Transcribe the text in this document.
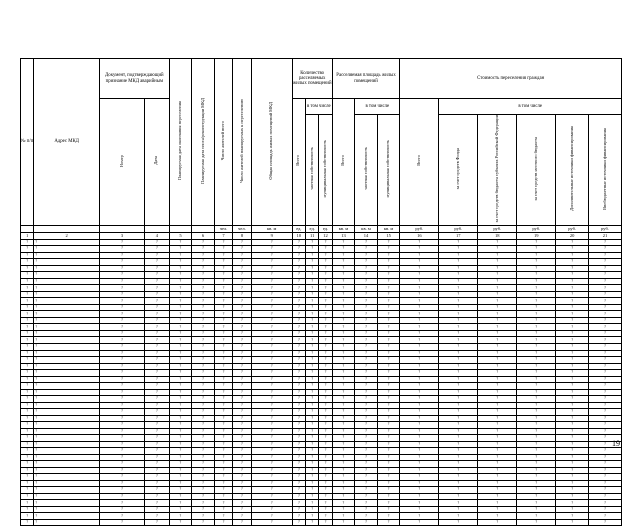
№ п/п	Адрес МКД	Документ, подтверждающий признание МКД аварийным		Планируемая дата окончания переселения	Планируемая дата сноса/реконструкции МКД	Число жителей всего	Число жителей планируемых к переселению	Общая площадь жилых помещений МКД	Количество расселяемых жилых помещений			Расселяемая площадь жилых помещений			Стоимость переселения граждан					
		Номер	Дата						Всего	в том числе		Всего	в том числе		Всего	в том числе				
										частная собственность	муниципальная собственность		частная собственность	муниципальная собственность		за счет средств Фонда	за счет средств бюджета субъекта Российской Федерации	за счет средств местного бюджета	Дополнительные источники финансирования	Внебюджетные источники финансирования
						чел.	чел.	кв. м	ед.	ед.	ед.	кв. м	кв. м	кв. м	руб.	руб.	руб.	руб.	руб.	руб.
1	2	3	4	5	6	7	8	9	10	11	12	13	14	15	16	17	18	19	20	21
?	?	?	?	?	?	?	?	?	?	?	?	?	?	?	?	?	?	?	?	?
?	?	?	?	?	?	?	?	?	?	?	?	?	?	?	?	?	?	?	?	?
?	?	?	?	?	?	?	?	?	?	?	?	?	?	?	?	?	?	?	?	?
?	?	?	?	?	?	?	?	?	?	?	?	?	?	?	?	?	?	?	?	?
?	?	?	?	?	?	?	?	?	?	?	?	?	?	?	?	?	?	?	?	?
?	?	?	?	?	?	?	?	?	?	?	?	?	?	?	?	?	?	?	?	?
?	?	?	?	?	?	?	?	?	?	?	?	?	?	?	?	?	?	?	?	?
?	?	?	?	?	?	?	?	?	?	?	?	?	?	?	?	?	?	?	?	?
?	?	?	?	?	?	?	?	?	?	?	?	?	?	?	?	?	?	?	?	?
?	?	?	?	?	?	?	?	?	?	?	?	?	?	?	?	?	?	?	?	?
?	?	?	?	?	?	?	?	?	?	?	?	?	?	?	?	?	?	?	?	?
?	?	?	?	?	?	?	?	?	?	?	?	?	?	?	?	?	?	?	?	?
?	?	?	?	?	?	?	?	?	?	?	?	?	?	?	?	?	?	?	?	?
?	?	?	?	?	?	?	?	?	?	?	?	?	?	?	?	?	?	?	?	?
?	?	?	?	?	?	?	?	?	?	?	?	?	?	?	?	?	?	?	?	?
?	?	?	?	?	?	?	?	?	?	?	?	?	?	?	?	?	?	?	?	?
?	?	?	?	?	?	?	?	?	?	?	?	?	?	?	?	?	?	?	?	?
?	?	?	?	?	?	?	?	?	?	?	?	?	?	?	?	?	?	?	?	?
?	?	?	?	?	?	?	?	?	?	?	?	?	?	?	?	?	?	?	?	?
?	?	?	?	?	?	?	?	?	?	?	?	?	?	?	?	?	?	?	?	?
?	?	?	?	?	?	?	?	?	?	?	?	?	?	?	?	?	?	?	?	?
?	?	?	?	?	?	?	?	?	?	?	?	?	?	?	?	?	?	?	?	?
?	?	?	?	?	?	?	?	?	?	?	?	?	?	?	?	?	?	?	?	?
?	?	?	?	?	?	?	?	?	?	?	?	?	?	?	?	?	?	?	?	?
?	?	?	?	?	?	?	?	?	?	?	?	?	?	?	?	?	?	?	?	?
?	?	?	?	?	?	?	?	?	?	?	?	?	?	?	?	?	?	?	?	?
?	?	?	?	?	?	?	?	?	?	?	?	?	?	?	?	?	?	?	?	?
?	?	?	?	?	?	?	?	?	?	?	?	?	?	?	?	?	?	?	?	?
?	?	?	?	?	?	?	?	?	?	?	?	?	?	?	?	?	?	?	?	?
?	?	?	?	?	?	?	?	?	?	?	?	?	?	?	?	?	?	?	?	?
?	?	?	?	?	?	?	?	?	?	?	?	?	?	?	?	?	?	?	?	?
?	?	?	?	?	?	?	?	?	?	?	?	?	?	?	?	?	?	?	?	?
?	?	?	?	?	?	?	?	?	?	?	?	?	?	?	?	?	?	?	?	?
?	?	?	?	?	?	?	?	?	?	?	?	?	?	?	?	?	?	?	?	?
?	?	?	?	?	?	?	?	?	?	?	?	?	?	?	?	?	?	?	?	?
?	?	?	?	?	?	?	?	?	?	?	?	?	?	?	?	?	?	?	?	?
?	?	?	?	?	?	?	?	?	?	?	?	?	?	?	?	?	?	?	?	?
?	?	?	?	?	?	?	?	?	?	?	?	?	?	?	?	?	?	?	?	?
?	?	?	?	?	?	?	?	?	?	?	?	?	?	?	?	?	?	?	?	?
?	?	?	?	?	?	?	?	?	?	?	?	?	?	?	?	?	?	?	?	?
?	?	?	?	?	?	?	?	?	?	?	?	?	?	?	?	?	?	?	?	?
?	?	?	?	?	?	?	?	?	?	?	?	?	?	?	?	?	?	?	?	?
?	?	?	?	?	?	?	?	?	?	?	?	?	?	?	?	?	?	?	?	?
?	?	?	?	?	?	?	?	?	?	?	?	?	?	?	?	?	?	?	?	?
19
